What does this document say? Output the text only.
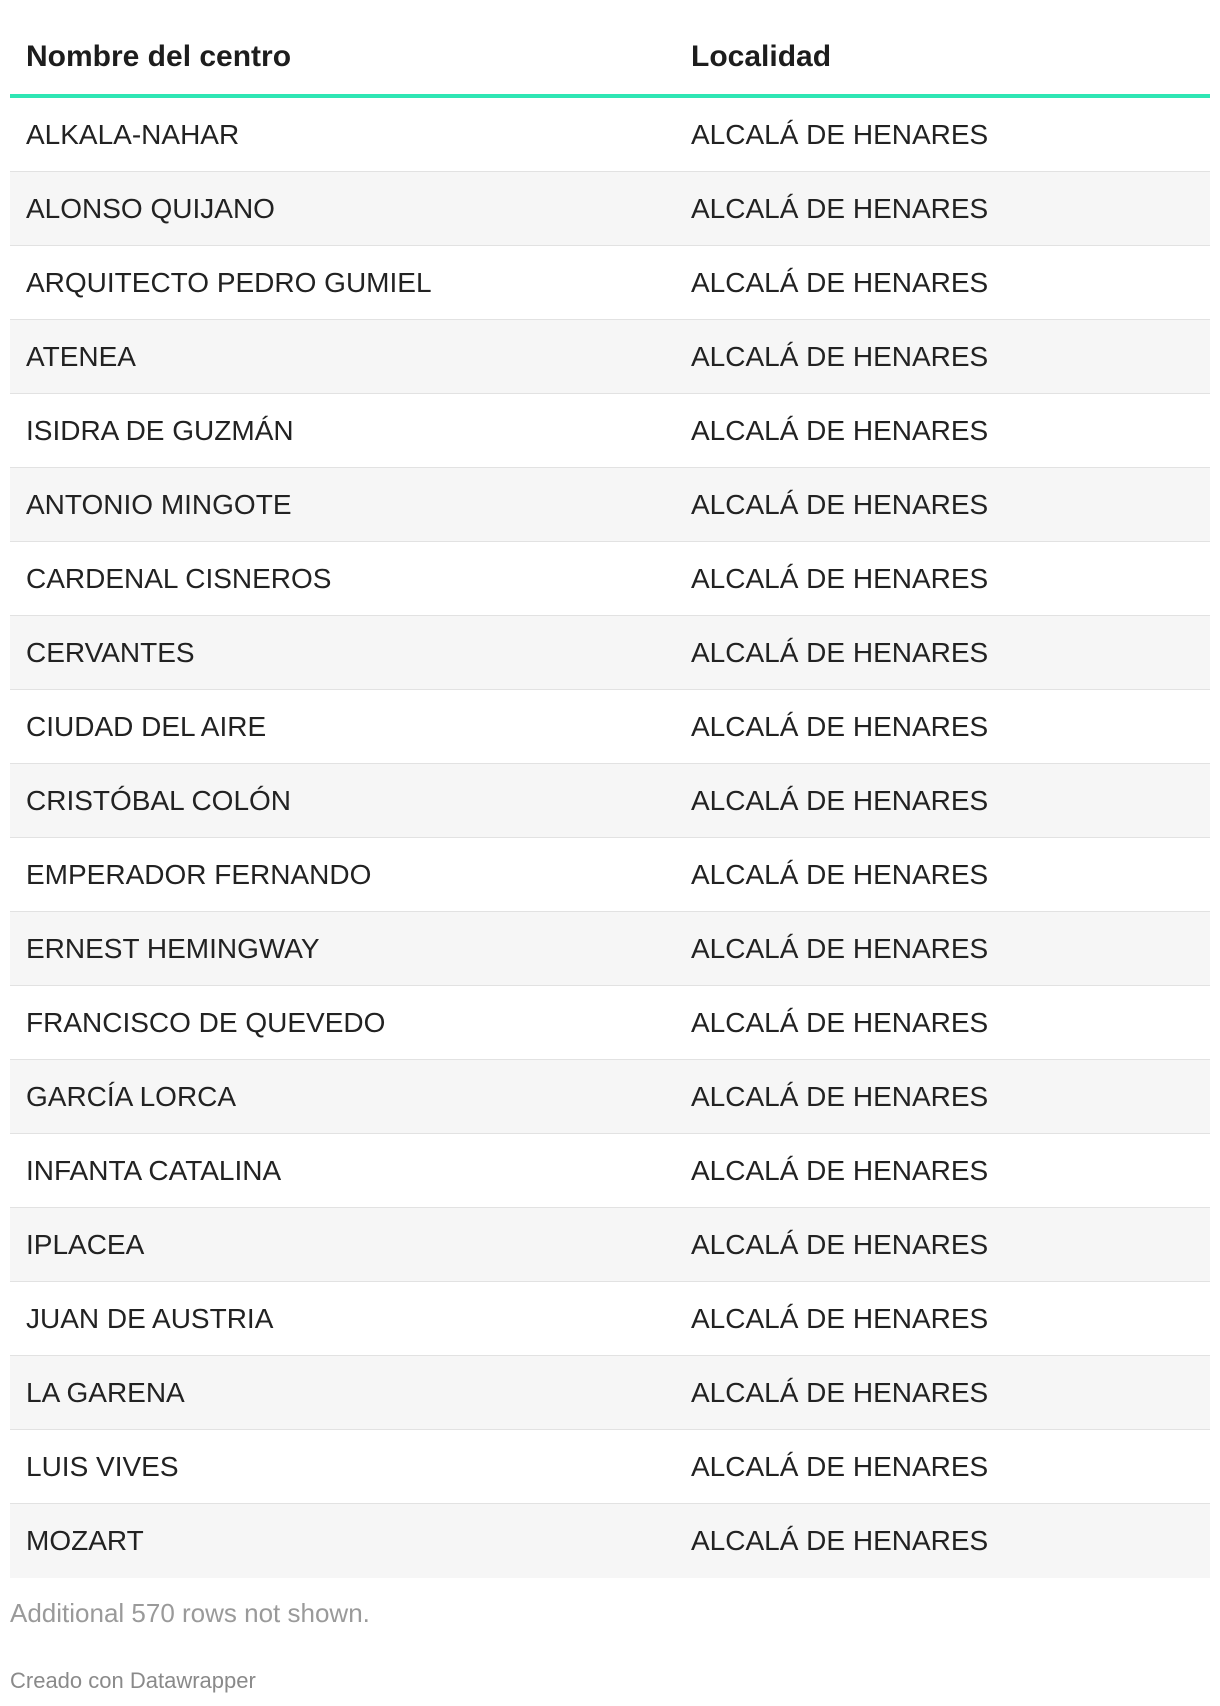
Nombre del centro	Localidad
ALKALA-NAHAR	ALCALÁ DE HENARES
ALONSO QUIJANO	ALCALÁ DE HENARES
ARQUITECTO PEDRO GUMIEL	ALCALÁ DE HENARES
ATENEA	ALCALÁ DE HENARES
ISIDRA DE GUZMÁN	ALCALÁ DE HENARES
ANTONIO MINGOTE	ALCALÁ DE HENARES
CARDENAL CISNEROS	ALCALÁ DE HENARES
CERVANTES	ALCALÁ DE HENARES
CIUDAD DEL AIRE	ALCALÁ DE HENARES
CRISTÓBAL COLÓN	ALCALÁ DE HENARES
EMPERADOR FERNANDO	ALCALÁ DE HENARES
ERNEST HEMINGWAY	ALCALÁ DE HENARES
FRANCISCO DE QUEVEDO	ALCALÁ DE HENARES
GARCÍA LORCA	ALCALÁ DE HENARES
INFANTA CATALINA	ALCALÁ DE HENARES
IPLACEA	ALCALÁ DE HENARES
JUAN DE AUSTRIA	ALCALÁ DE HENARES
LA GARENA	ALCALÁ DE HENARES
LUIS VIVES	ALCALÁ DE HENARES
MOZART	ALCALÁ DE HENARES
Additional 570 rows not shown.
Creado con Datawrapper
